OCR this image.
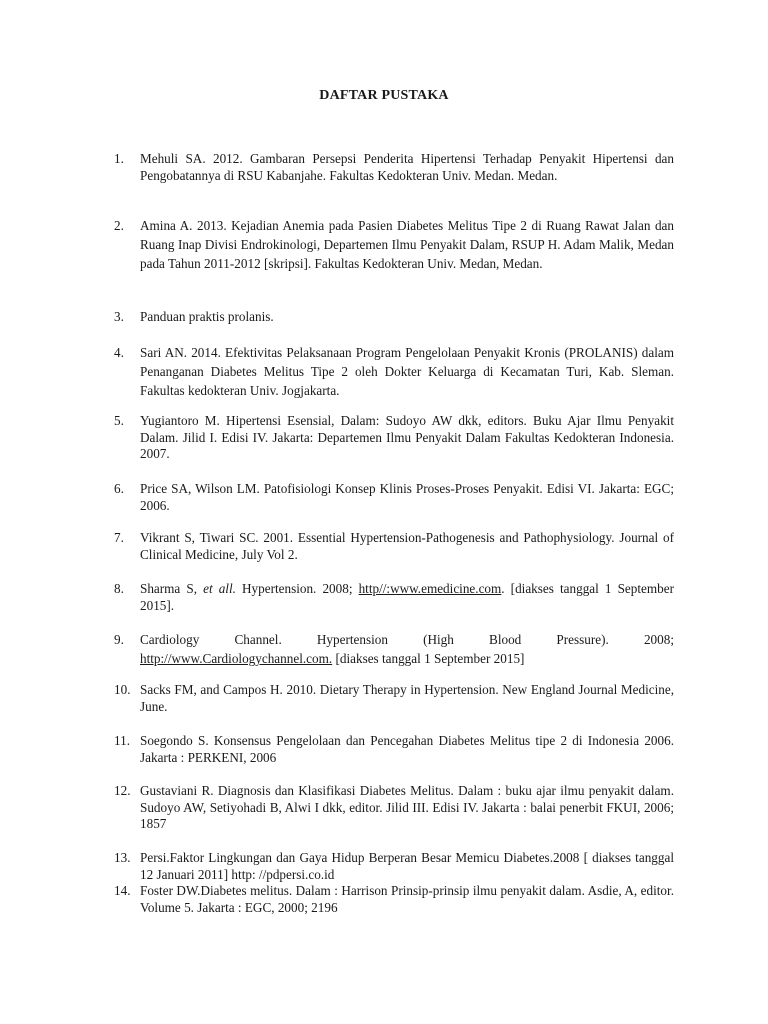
DAFTAR PUSTAKA
1.	Mehuli SA. 2012. Gambaran Persepsi Penderita Hipertensi Terhadap Penyakit Hipertensi dan Pengobatannya di RSU Kabanjahe. Fakultas Kedokteran Univ. Medan. Medan.
2.	Amina A. 2013. Kejadian Anemia pada Pasien Diabetes Melitus Tipe 2 di Ruang Rawat Jalan dan Ruang Inap Divisi Endrokinologi, Departemen Ilmu Penyakit Dalam, RSUP H. Adam Malik, Medan pada Tahun 2011-2012 [skripsi]. Fakultas Kedokteran Univ. Medan, Medan.
3.	Panduan praktis prolanis.
4.	Sari AN. 2014. Efektivitas Pelaksanaan Program Pengelolaan Penyakit Kronis (PROLANIS) dalam Penanganan Diabetes Melitus Tipe 2 oleh Dokter Keluarga di Kecamatan Turi, Kab. Sleman. Fakultas kedokteran Univ. Jogjakarta.
5.	Yugiantoro M. Hipertensi Esensial, Dalam: Sudoyo AW dkk, editors. Buku Ajar Ilmu Penyakit Dalam. Jilid I. Edisi IV. Jakarta: Departemen Ilmu Penyakit Dalam Fakultas Kedokteran Indonesia. 2007.
6.	Price SA, Wilson LM. Patofisiologi Konsep Klinis Proses-Proses Penyakit. Edisi VI. Jakarta: EGC; 2006.
7.	Vikrant S, Tiwari SC. 2001. Essential Hypertension-Pathogenesis and Pathophysiology. Journal of Clinical Medicine, July Vol 2.
8.	Sharma S, et all. Hypertension. 2008; http//:www.emedicine.com. [diakses tanggal 1 September 2015].
9.	Cardiology Channel. Hypertension (High Blood Pressure). 2008; http://www.Cardiologychannel.com. [diakses tanggal 1 September 2015]
10. Sacks FM, and Campos H. 2010. Dietary Therapy in Hypertension. New England Journal Medicine, June.
11. Soegondo S. Konsensus Pengelolaan dan Pencegahan Diabetes Melitus tipe 2 di Indonesia 2006. Jakarta : PERKENI, 2006
12. Gustaviani R. Diagnosis dan Klasifikasi Diabetes Melitus. Dalam : buku ajar ilmu penyakit dalam. Sudoyo AW, Setiyohadi B, Alwi I dkk, editor. Jilid III. Edisi IV. Jakarta : balai penerbit FKUI, 2006; 1857
13. Persi.Faktor Lingkungan dan Gaya Hidup Berperan Besar Memicu Diabetes.2008 [ diakses tanggal 12 Januari 2011] http: //pdpersi.co.id
14. Foster DW.Diabetes melitus. Dalam : Harrison Prinsip-prinsip ilmu penyakit dalam. Asdie, A, editor. Volume 5. Jakarta : EGC, 2000; 2196
